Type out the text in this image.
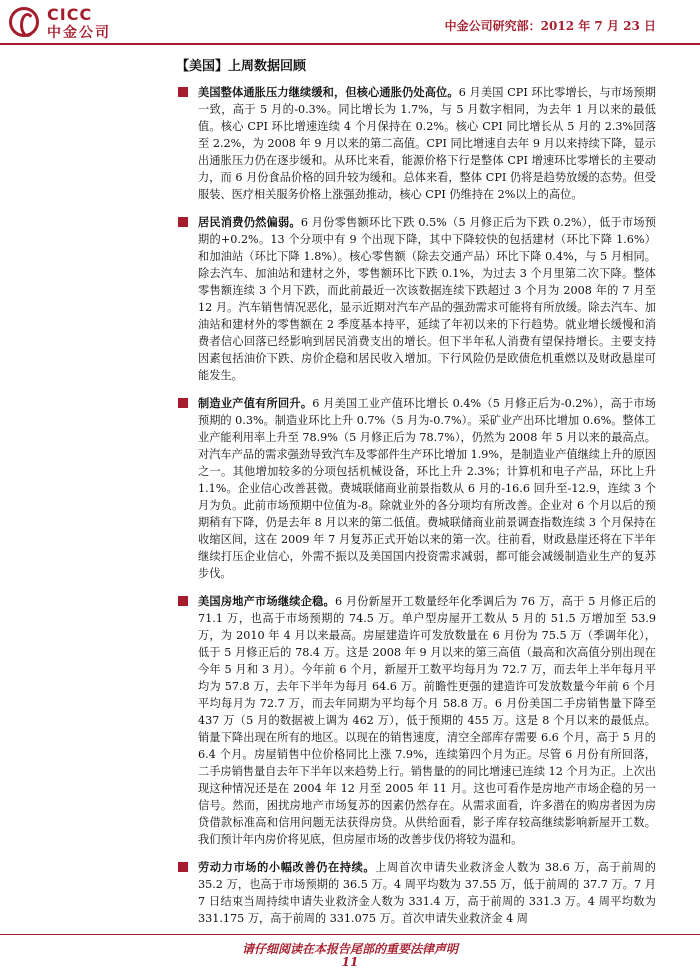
CICC
中金公司	中金公司研究部：2012 年 7 月 23 日
【美国】上周数据回顾
美国整体通胀压力继续缓和，但核心通胀仍处高位。6 月美国 CPI 环比零增长，与市场预期一致，高于 5 月的-0.3%。同比增长为 1.7%，与 5 月数字相同，为去年 1 月以来的最低值。核心 CPI 环比增速连续 4 个月保持在 0.2%。核心 CPI 同比增长从 5 月的 2.3%回落至 2.2%，为 2008 年 9 月以来的第二高值。CPI 同比增速自去年 9 月以来持续下降，显示出通胀压力仍在逐步缓和。从环比来看，能源价格下行是整体 CPI 增速环比零增长的主要动力，而 6 月份食品价格的回升较为缓和。总体来看，整体 CPI 仍将是趋势放缓的态势。但受服装、医疗相关服务价格上涨强劲推动，核心 CPI 仍维持在 2%以上的高位。
居民消费仍然偏弱。6 月份零售额环比下跌 0.5%（5 月修正后为下跌 0.2%），低于市场预期的+0.2%。13 个分项中有 9 个出现下降，其中下降较快的包括建材（环比下降 1.6%）和加油站（环比下降 1.8%）。核心零售额（除去交通产品）环比下降 0.4%，与 5 月相同。除去汽车、加油站和建材之外，零售额环比下跌 0.1%，为过去 3 个月里第二次下降。整体零售额连续 3 个月下跌，而此前最近一次该数据连续下跌超过 3 个月为 2008 年的 7 月至 12 月。汽车销售情况恶化，显示近期对汽车产品的强劲需求可能将有所放缓。除去汽车、加油站和建材外的零售额在 2 季度基本持平，延续了年初以来的下行趋势。就业增长缓慢和消费者信心回落已经影响到居民消费支出的增长。但下半年私人消费有望保持增长。主要支持因素包括油价下跌、房价企稳和居民收入增加。下行风险仍是欧债危机重燃以及财政悬崖可能发生。
制造业产值有所回升。6 月美国工业产值环比增长 0.4%（5 月修正后为-0.2%），高于市场预期的 0.3%。制造业环比上升 0.7%（5 月为-0.7%）。采矿业产出环比增加 0.6%。整体工业产能利用率上升至 78.9%（5 月修正后为 78.7%），仍然为 2008 年 5 月以来的最高点。对汽车产品的需求强劲导致汽车及零部件生产环比增加 1.9%，是制造业产值继续上升的原因之一。其他增加较多的分项包括机械设备，环比上升 2.3%；计算机和电子产品，环比上升 1.1%。企业信心改善甚微。费城联储商业前景指数从 6 月的-16.6 回升至-12.9，连续 3 个月为负。此前市场预期中位值为-8。除就业外的各分项均有所改善。企业对 6 个月以后的预期稍有下降，仍是去年 8 月以来的第二低值。费城联储商业前景调查指数连续 3 个月保持在收缩区间，这在 2009 年 7 月复苏正式开始以来的第一次。往前看，财政悬崖还将在下半年继续打压企业信心，外需不振以及美国国内投资需求减弱，都可能会减缓制造业生产的复苏步伐。
美国房地产市场继续企稳。6 月份新屋开工数量经年化季调后为 76 万，高于 5 月修正后的 71.1 万，也高于市场预期的 74.5 万。单户型房屋开工数从 5 月的 51.5 万增加至 53.9 万，为 2010 年 4 月以来最高。房屋建造许可发放数量在 6 月份为 75.5 万（季调年化），低于 5 月修正后的 78.4 万。这是 2008 年 9 月以来的第三高值（最高和次高值分别出现在今年 5 月和 3 月）。今年前 6 个月，新屋开工数平均每月为 72.7 万，而去年上半年每月平均为 57.8 万，去年下半年为每月 64.6 万。前瞻性更强的建造许可发放数量今年前 6 个月平均每月为 72.7 万，而去年同期为平均每个月 58.8 万。6 月份美国二手房销售量下降至 437 万（5 月的数据被上调为 462 万），低于预期的 455 万。这是 8 个月以来的最低点。销量下降出现在所有的地区。以现在的销售速度，清空全部库存需要 6.6 个月，高于 5 月的 6.4 个月。房屋销售中位价格同比上涨 7.9%，连续第四个月为正。尽管 6 月份有所回落，二手房销售量自去年下半年以来趋势上行。销售量的的同比增速已连续 12 个月为正。上次出现这种情况还是在 2004 年 12 月至 2005 年 11 月。这也可看作是房地产市场企稳的另一信号。然而，困扰房地产市场复苏的因素仍然存在。从需求面看，许多潜在的购房者因为房贷借款标准高和信用问题无法获得房贷。从供给面看，影子库存较高继续影响新屋开工数。我们预计年内房价将见底，但房屋市场的改善步伐仍将较为温和。
劳动力市场的小幅改善仍在持续。上周首次申请失业救济金人数为 38.6 万，高于前周的 35.2 万，也高于市场预期的 36.5 万。4 周平均数为 37.55 万，低于前周的 37.7 万。7 月 7 日结束当周持续申请失业救济金人数为 331.4 万，高于前周的 331.3 万。4 周平均数为 331.175 万，高于前周的 331.075 万。首次申请失业救济金 4 周
请仔细阅读在本报告尾部的重要法律声明
11
